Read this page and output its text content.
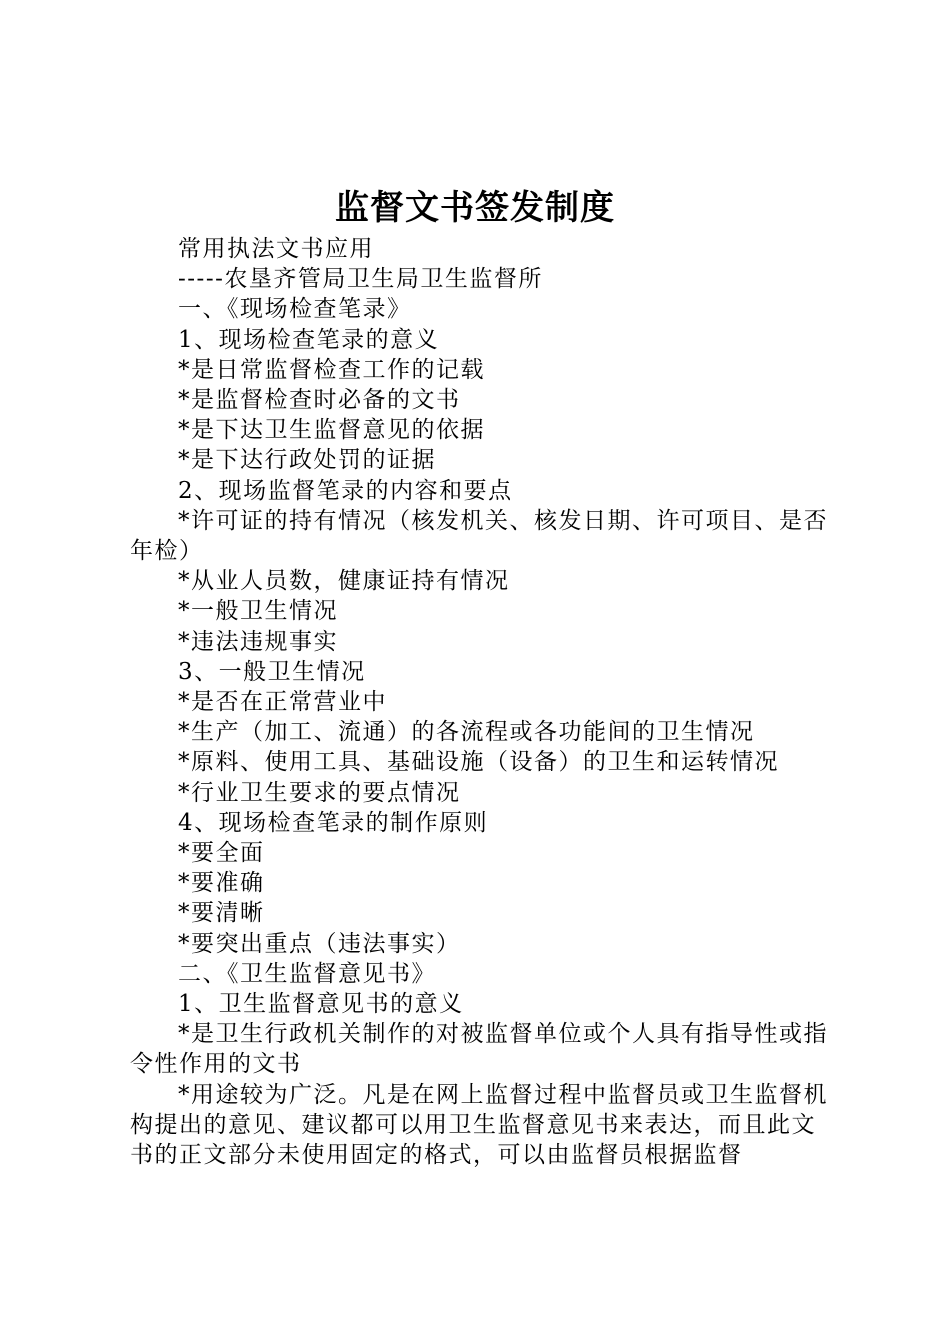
监督文书签发制度

常用执法文书应用

-----农垦齐管局卫生局卫生监督所

一、《现场检查笔录》

1、现场检查笔录的意义

*是日常监督检查工作的记载

*是监督检查时必备的文书

*是下达卫生监督意见的依据

*是下达行政处罚的证据

2、现场监督笔录的内容和要点

*许可证的持有情况（核发机关、核发日期、许可项目、是否年检）

*从业人员数，健康证持有情况

*一般卫生情况

*违法违规事实

3、一般卫生情况

*是否在正常营业中

*生产（加工、流通）的各流程或各功能间的卫生情况

*原料、使用工具、基础设施（设备）的卫生和运转情况

*行业卫生要求的要点情况

4、现场检查笔录的制作原则

*要全面

*要准确

*要清晰

*要突出重点（违法事实）

二、《卫生监督意见书》

1、卫生监督意见书的意义

*是卫生行政机关制作的对被监督单位或个人具有指导性或指令性作用的文书

*用途较为广泛。凡是在网上监督过程中监督员或卫生监督机构提出的意见、建议都可以用卫生监督意见书来表达，而且此文书的正文部分未使用固定的格式，可以由监督员根据监督
